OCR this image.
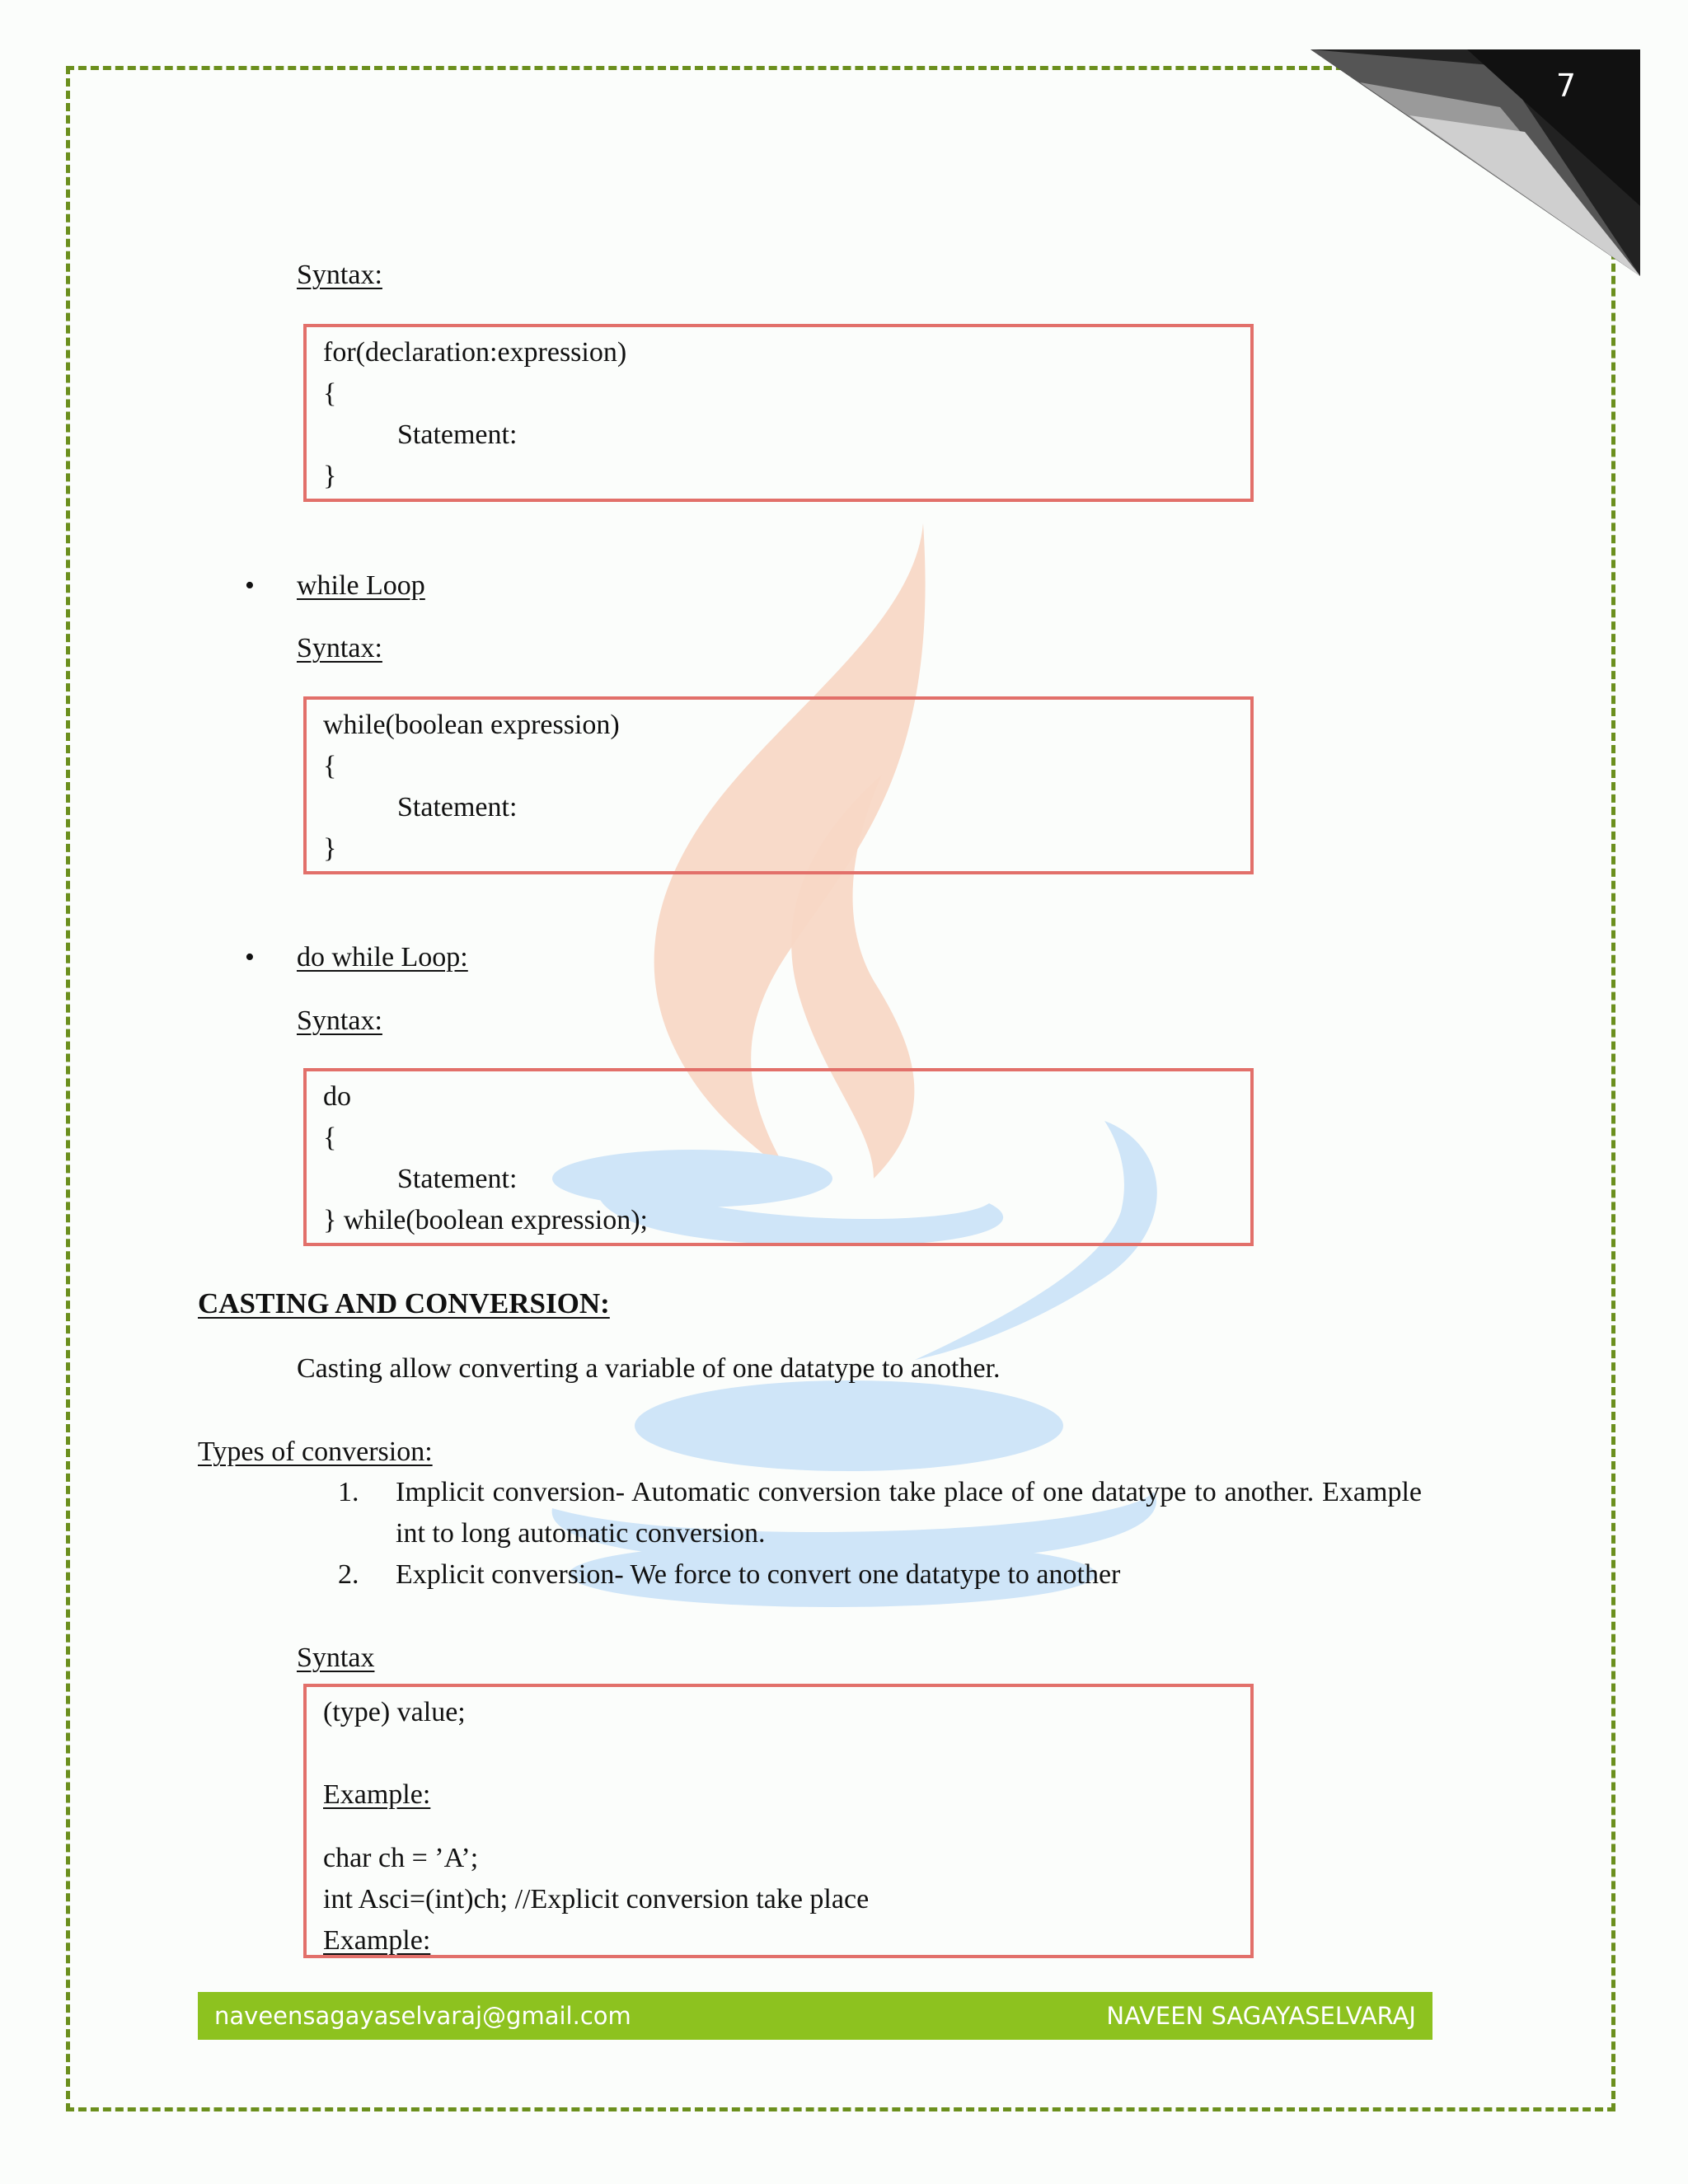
7
Syntax:
for(declaration:expression)
{
Statement:
}
• while Loop
Syntax:
while(boolean expression)
{
Statement:
}
• do while Loop:
Syntax:
do
{
Statement:
} while(boolean expression);
CASTING AND CONVERSION:
Casting allow converting a variable of one datatype to another.
Types of conversion:
1.	Implicit conversion- Automatic conversion take place of one datatype to another. Example int to long automatic conversion.
2.	Explicit conversion- We force to convert one datatype to another
Syntax
(type) value;
Example:
char ch = ’A’;
int Asci=(int)ch; //Explicit conversion take place
Example:
naveensagayaselvaraj@gmail.com	NAVEEN SAGAYASELVARAJ
